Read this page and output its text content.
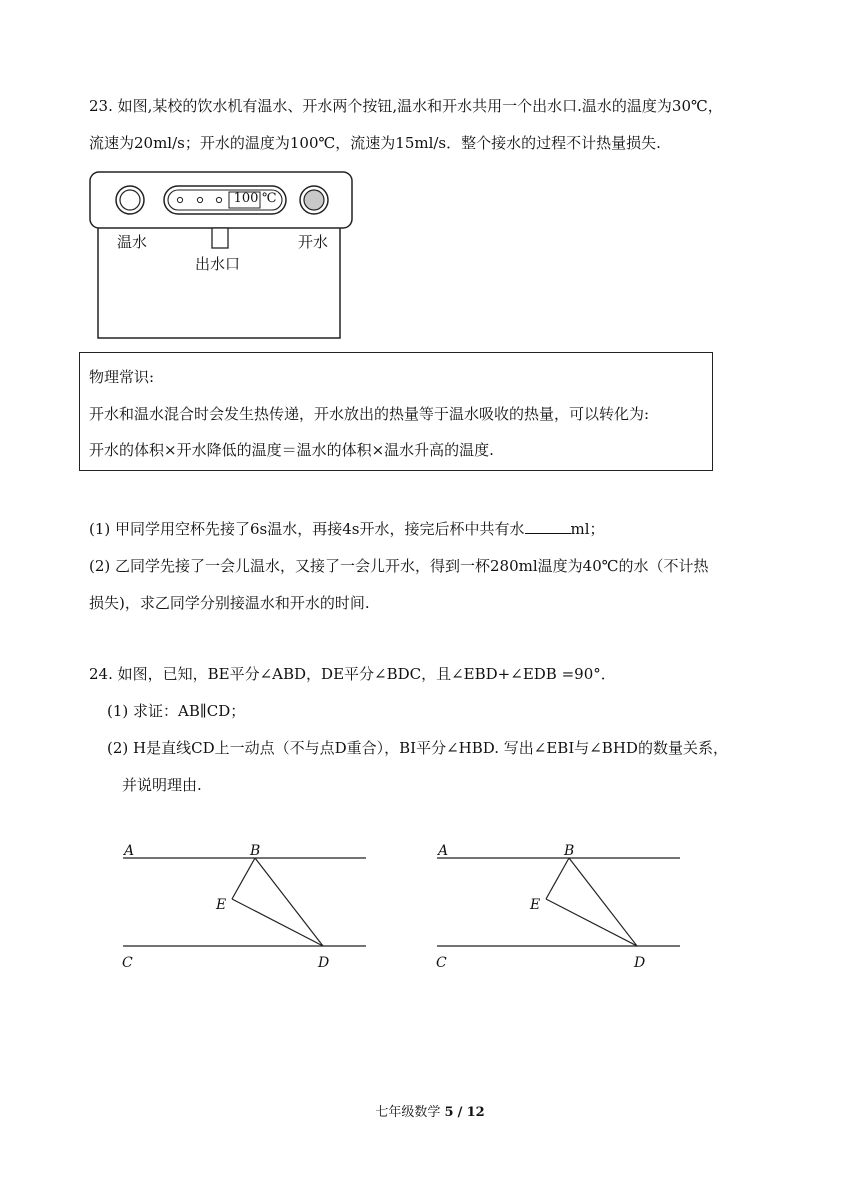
23. 如图,某校的饮水机有温水、开水两个按钮,温水和开水共用一个出水口.温水的温度为30℃，
流速为20ml/s；开水的温度为100℃，流速为15ml/s．整个接水的过程不计热量损失.
100 ℃
温水	开水
出水口
物理常识:
开水和温水混合时会发生热传递，开水放出的热量等于温水吸收的热量，可以转化为:
开水的体积×开水降低的温度＝温水的体积×温水升高的温度.
(1) 甲同学用空杯先接了6s温水，再接4s开水，接完后杯中共有水	ml；
(2) 乙同学先接了一会儿温水，又接了一会儿开水，得到一杯280ml温度为40℃的水（不计热
损失)，求乙同学分别接温水和开水的时间.
24. 如图，已知，BE平分∠ABD，DE平分∠BDC，且∠EBD+∠EDB =90°．
(1) 求证：AB∥CD；
(2) H是直线CD上一动点（不与点D重合），BI平分∠HBD. 写出∠EBI与∠BHD的数量关系，
并说明理由.
A	B
E
C	D
A	B
E
C	D
七年级数学 5 / 12
